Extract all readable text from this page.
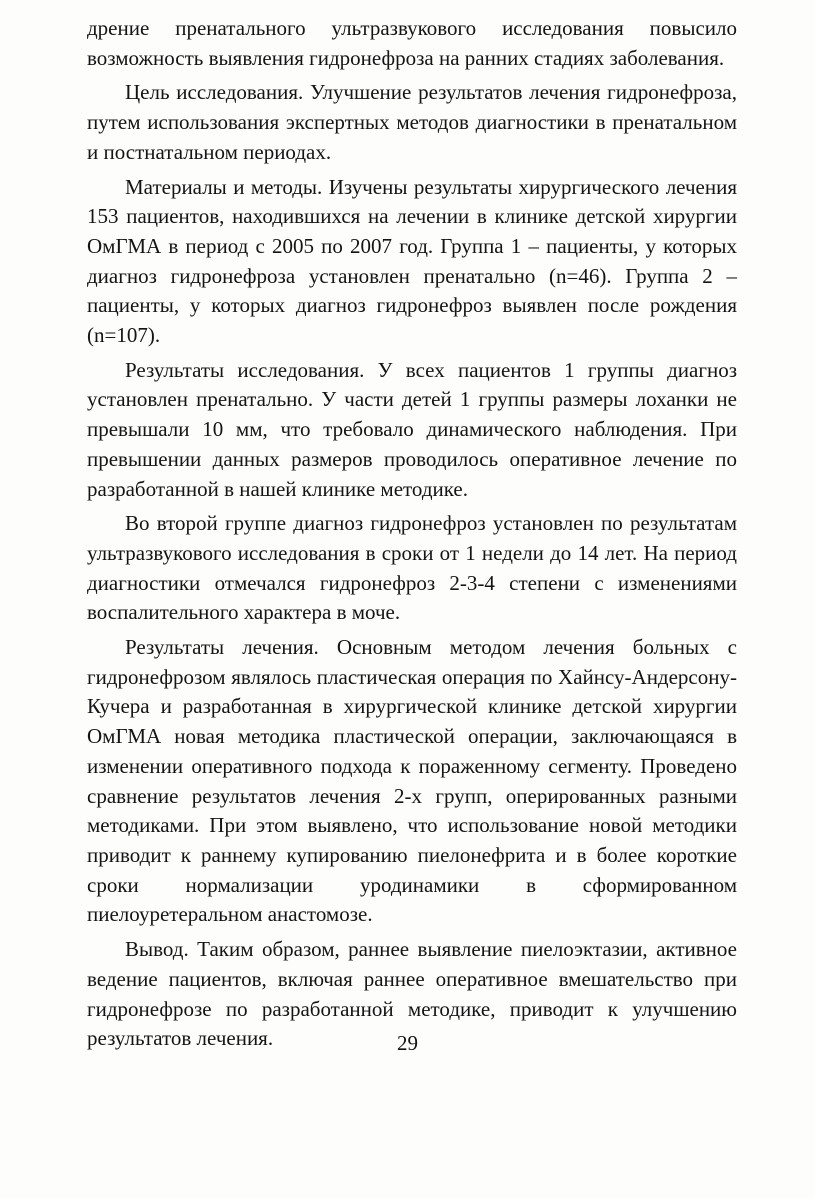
дрение пренатального ультразвукового исследования повысило возможность выявления гидронефроза на ранних стадиях заболевания.

Цель исследования. Улучшение результатов лечения гидронефроза, путем использования экспертных методов диагностики в пренатальном и постнатальном периодах.

Материалы и методы. Изучены результаты хирургического лечения 153 пациентов, находившихся на лечении в клинике детской хирургии ОмГМА в период с 2005 по 2007 год. Группа 1 – пациенты, у которых диагноз гидронефроза установлен пренатально (n=46). Группа 2 – пациенты, у которых диагноз гидронефроз выявлен после рождения (n=107).

Результаты исследования. У всех пациентов 1 группы диагноз установлен пренатально. У части детей 1 группы размеры лоханки не превышали 10 мм, что требовало динамического наблюдения. При превышении данных размеров проводилось оперативное лечение по разработанной в нашей клинике методике.

Во второй группе диагноз гидронефроз установлен по результатам ультразвукового исследования в сроки от 1 недели до 14 лет. На период диагностики отмечался гидронефроз 2-3-4 степени с изменениями воспалительного характера в моче.

Результаты лечения. Основным методом лечения больных с гидронефрозом являлось пластическая операция по Хайнсу-Андерсону-Кучера и разработанная в хирургической клинике детской хирургии ОмГМА новая методика пластической операции, заключающаяся в изменении оперативного подхода к пораженному сегменту. Проведено сравнение результатов лечения 2-х групп, оперированных разными методиками. При этом выявлено, что использование новой методики приводит к раннему купированию пиелонефрита и в более короткие сроки нормализации уродинамики в сформированном пиелоуретеральном анастомозе.

Вывод. Таким образом, раннее выявление пиелоэктазии, активное ведение пациентов, включая раннее оперативное вмешательство при гидронефрозе по разработанной методике, приводит к улучшению результатов лечения.	29
